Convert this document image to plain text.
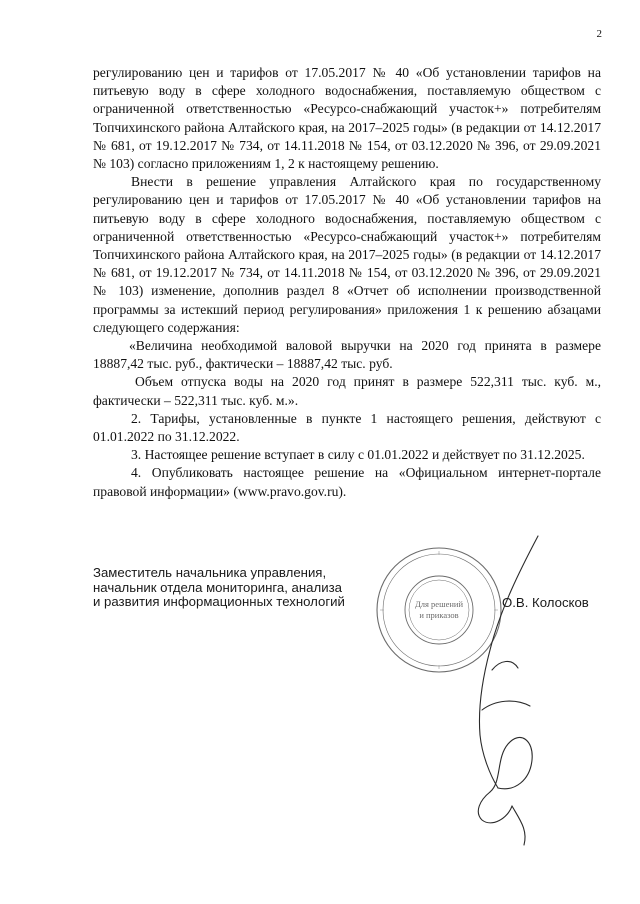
2

регулированию цен и тарифов от 17.05.2017 № 40 «Об установлении тарифов на питьевую воду в сфере холодного водоснабжения, поставляемую обществом с ограниченной ответственностью «Ресурсо-снабжающий участок+» потребителям Топчихинского района Алтайского края, на 2017–2025 годы» (в редакции от 14.12.2017 № 681, от 19.12.2017 № 734, от 14.11.2018 № 154, от 03.12.2020 № 396, от 29.09.2021 № 103) согласно приложениям 1, 2 к настоящему решению.

Внести в решение управления Алтайского края по государственному регулированию цен и тарифов от 17.05.2017 № 40 «Об установлении тарифов на питьевую воду в сфере холодного водоснабжения, поставляемую обществом с ограниченной ответственностью «Ресурсо-снабжающий участок+» потребителям Топчихинского района Алтайского края, на 2017–2025 годы» (в редакции от 14.12.2017 № 681, от 19.12.2017 № 734, от 14.11.2018 № 154, от 03.12.2020 № 396, от 29.09.2021 № 103) изменение, дополнив раздел 8 «Отчет об исполнении производственной программы за истекший период регулирования» приложения 1 к решению абзацами следующего содержания:

«Величина необходимой валовой выручки на 2020 год принята в размере 18887,42 тыс. руб., фактически – 18887,42 тыс. руб.

Объем отпуска воды на 2020 год принят в размере 522,311 тыс. куб. м., фактически – 522,311 тыс. куб. м.».

2. Тарифы, установленные в пункте 1 настоящего решения, действуют с 01.01.2022 по 31.12.2022.

3. Настоящее решение вступает в силу с 01.01.2022 и действует по 31.12.2025.

4. Опубликовать настоящее решение на «Официальном интернет-портале правовой информации» (www.pravo.gov.ru).

Заместитель начальника управления,
начальник отдела мониторинга, анализа
и развития информационных технологий	Для решений
и приказов
О.В. Колосков
